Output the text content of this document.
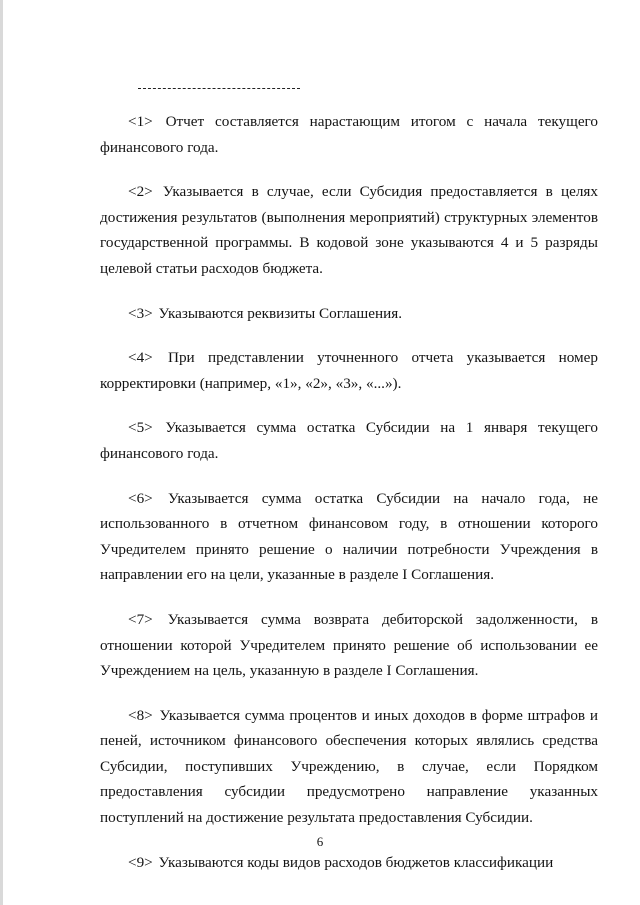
<1> Отчет составляется нарастающим итогом с начала текущего финансового года.

<2> Указывается в случае, если Субсидия предоставляется в целях достижения результатов (выполнения мероприятий) структурных элементов государственной программы. В кодовой зоне указываются 4 и 5 разряды целевой статьи расходов бюджета.

<3> Указываются реквизиты Соглашения.

<4> При представлении уточненного отчета указывается номер корректировки (например, «1», «2», «3», «...»).

<5> Указывается сумма остатка Субсидии на 1 января текущего финансового года.

<6> Указывается сумма остатка Субсидии на начало года, не использованного в отчетном финансовом году, в отношении которого Учредителем принято решение о наличии потребности Учреждения в направлении его на цели, указанные в разделе I Соглашения.

<7> Указывается сумма возврата дебиторской задолженности, в отношении которой Учредителем принято решение об использовании ее Учреждением на цель, указанную в разделе I Соглашения.

<8> Указывается сумма процентов и иных доходов в форме штрафов и пеней, источником финансового обеспечения которых являлись средства Субсидии, поступивших Учреждению, в случае, если Порядком предоставления субсидии предусмотрено направление указанных поступлений на достижение результата предоставления Субсидии.

<9> Указываются коды видов расходов бюджетов классификации

6
